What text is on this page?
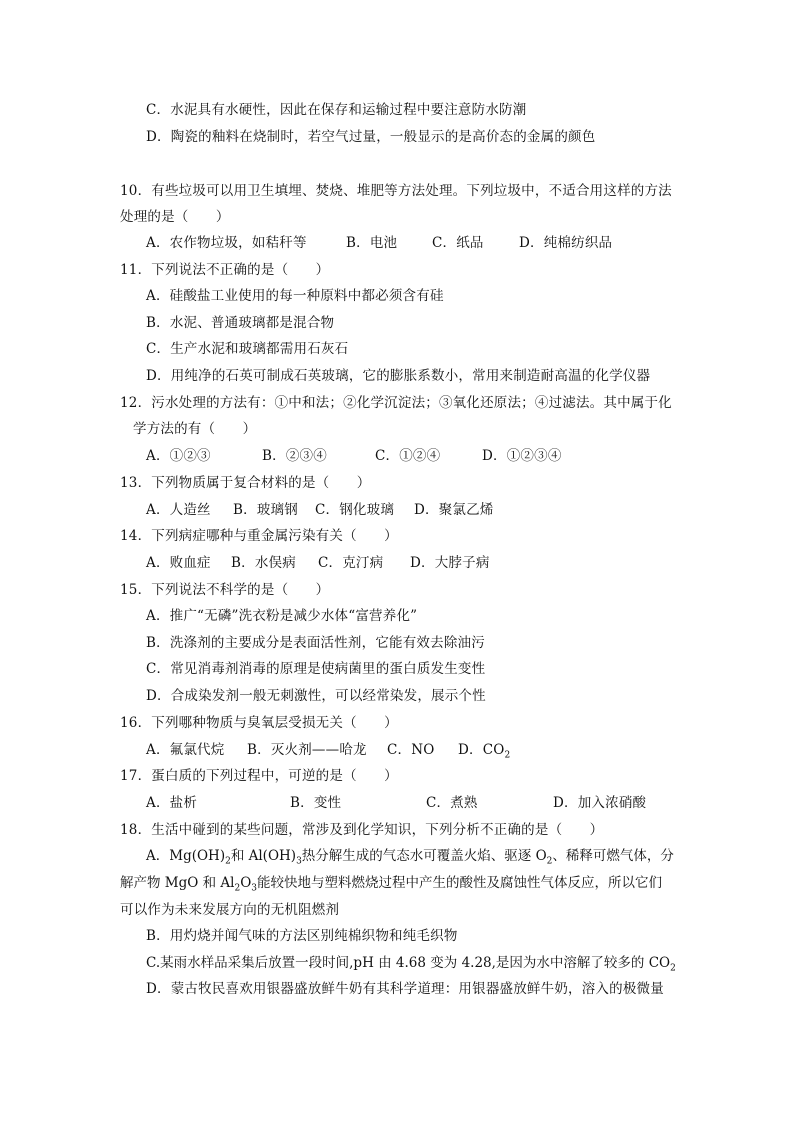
C．水泥具有水硬性，因此在保存和运输过程中要注意防水防潮
D．陶瓷的釉料在烧制时，若空气过量，一般显示的是高价态的金属的颜色
10．有些垃圾可以用卫生填埋、焚烧、堆肥等方法处理。下列垃圾中，不适合用这样的方法
处理的是（　　）
A．农作物垃圾，如秸秆等	B．电池	C．纸品	D．纯棉纺织品
11．下列说法不正确的是（　　）
A．硅酸盐工业使用的每一种原料中都必须含有硅
B．水泥、普通玻璃都是混合物
C．生产水泥和玻璃都需用石灰石
D．用纯净的石英可制成石英玻璃，它的膨胀系数小，常用来制造耐高温的化学仪器
12．污水处理的方法有：①中和法；②化学沉淀法；③氧化还原法；④过滤法。其中属于化
学方法的有（　　）
A．①②③	B．②③④	C．①②④	D．①②③④
13．下列物质属于复合材料的是（　　）
A．人造丝 B．玻璃钢 C．钢化玻璃 D．聚氯乙烯
14．下列病症哪种与重金属污染有关（　　）
A．败血症 B．水俣病 C．克汀病 D．大脖子病
15．下列说法不科学的是（　　）
A．推广“无磷”洗衣粉是减少水体“富营养化”
B．洗涤剂的主要成分是表面活性剂，它能有效去除油污
C．常见消毒剂消毒的原理是使病菌里的蛋白质发生变性
D．合成染发剂一般无刺激性，可以经常染发，展示个性
16．下列哪种物质与臭氧层受损无关（　　）
A．氟氯代烷 B．灭火剂——哈龙 C．NO D．$CO_2$
17．蛋白质的下列过程中，可逆的是（　　）
A．盐析	B．变性	C．煮熟	D．加入浓硝酸
18．生活中碰到的某些问题，常涉及到化学知识，下列分析不正确的是（　　）
A．$Mg(OH)_2$和 $Al(OH)_3$热分解生成的气态水可覆盖火焰、驱逐 $O_2$、稀释可燃气体，分
解产物 MgO 和 $Al_2O_3$能较快地与塑料燃烧过程中产生的酸性及腐蚀性气体反应，所以它们
可以作为未来发展方向的无机阻燃剂
B．用灼烧并闻气味的方法区别纯棉织物和纯毛织物
C.某雨水样品采集后放置一段时间,pH 由 4.68 变为 4.28,是因为水中溶解了较多的 $CO_2$
D．蒙古牧民喜欢用银器盛放鲜牛奶有其科学道理：用银器盛放鲜牛奶，溶入的极微量
